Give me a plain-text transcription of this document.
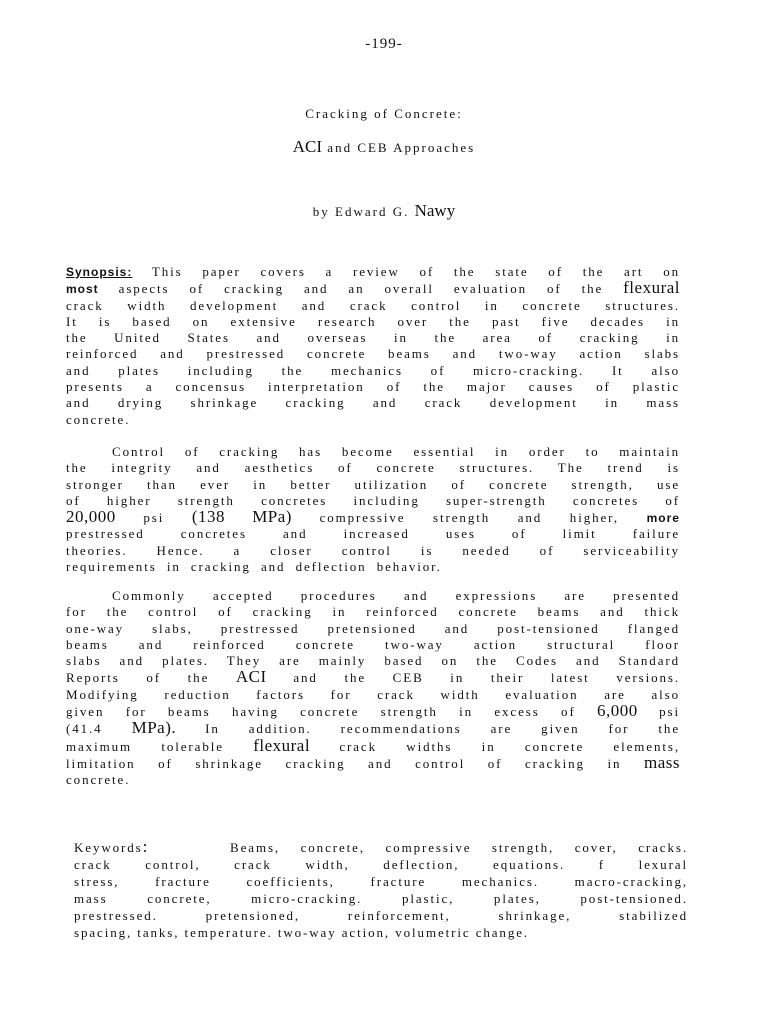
-199-
Cracking of Concrete:
ACI and CEB Approaches
by Edward G. Nawy
Synopsis: This paper covers a review of the state of the art on
most aspects of cracking and an overall evaluation of the flexural
crack width development and crack control in concrete structures.
It is based on extensive research over the past five decades in
the United States and overseas in the area of cracking in
reinforced and prestressed concrete beams and two-way action slabs
and plates including the mechanics of micro-cracking. It also
presents a concensus interpretation of the major causes of plastic
and drying shrinkage cracking and crack development in mass
concrete.
Control of cracking has become essential in order to maintain
the integrity and aesthetics of concrete structures. The trend is
stronger than ever in better utilization of concrete strength, use
of higher strength concretes including super-strength concretes of
20,000 psi (138 MPa) compressive strength and higher, more
prestressed concretes and increased uses of limit failure
theories. Hence. a closer control is needed of serviceability
requirements in cracking and deflection behavior.
Commonly accepted procedures and expressions are presented
for the control of cracking in reinforced concrete beams and thick
one-way slabs, prestressed pretensioned and post-tensioned flanged
beams and reinforced concrete two-way action structural floor
slabs and plates. They are mainly based on the Codes and Standard
Reports of the ACI and the CEB in their latest versions.
Modifying reduction factors for crack width evaluation are also
given for beams having concrete strength in excess of 6,000 psi
(41.4 MPa). In addition. recommendations are given for the
maximum tolerable flexural crack widths in concrete elements,
limitation of shrinkage cracking and control of cracking in mass
concrete.
Keywords:	Beams, concrete, compressive strength, cover, cracks.
crack control, crack width, deflection, equations. f lexural
stress, fracture coefficients, fracture mechanics. macro-cracking,
mass concrete, micro-cracking. plastic, plates, post-tensioned.
prestressed. pretensioned, reinforcement, shrinkage, stabilized
spacing, tanks, temperature. two-way action, volumetric change.
